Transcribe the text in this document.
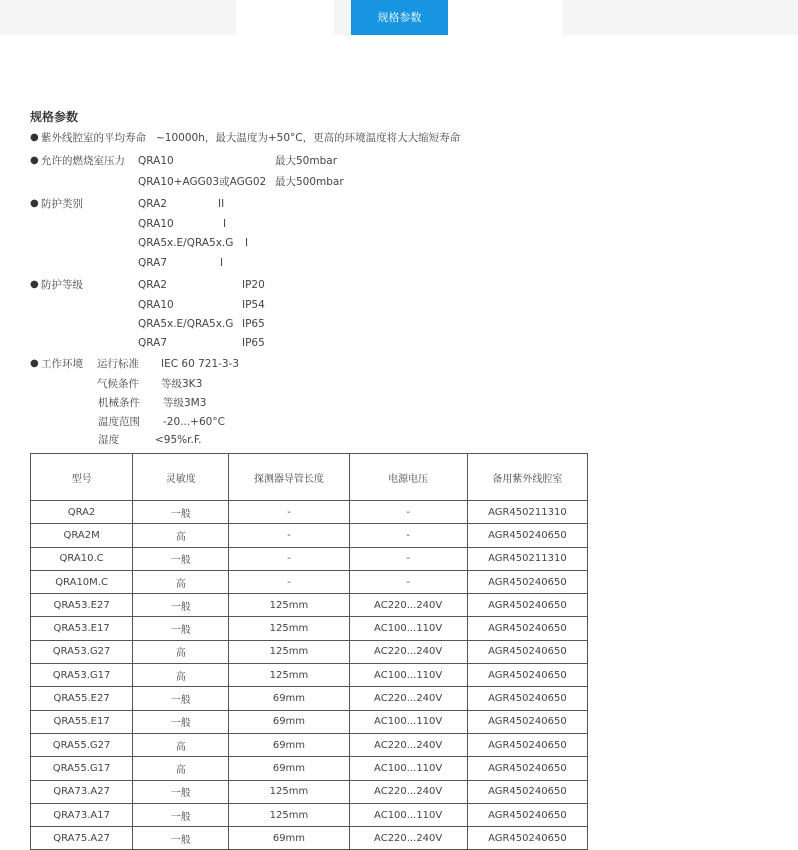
规格参数
规格参数
● 紫外线腔室的平均寿命 ~10000h，最大温度为+50°C，更高的环境温度将大大缩短寿命
● 允许的燃烧室压力 QRA10	最大50mbar
QRA10+AGG03或AGG02 最大500mbar
● 防护类别	QRA2	II
QRA10	I
QRA5x.E/QRA5x.G I
QRA7	I
● 防护等级	QRA2	IP20
QRA10	IP54
QRA5x.E/QRA5x.G IP65
QRA7	IP65
● 工作环境 运行标准 IEC 60 721-3-3
气候条件 等级3K3
机械条件 等级3M3
温度范围 -20...+60°C
湿度	<95%r.F.
型号	灵敏度	探测器导管长度	电源电压	备用紫外线腔室
QRA2	一般	-	-	AGR450211310
QRA2M	高	-	-	AGR450240650
QRA10.C	一般	-	-	AGR450211310
QRA10M.C	高	-	-	AGR450240650
QRA53.E27	一般	125mm	AC220...240V	AGR450240650
QRA53.E17	一般	125mm	AC100...110V	AGR450240650
QRA53.G27	高	125mm	AC220...240V	AGR450240650
QRA53.G17	高	125mm	AC100...110V	AGR450240650
QRA55.E27	一般	69mm	AC220...240V	AGR450240650
QRA55.E17	一般	69mm	AC100...110V	AGR450240650
QRA55.G27	高	69mm	AC220...240V	AGR450240650
QRA55.G17	高	69mm	AC100...110V	AGR450240650
QRA73.A27	一般	125mm	AC220...240V	AGR450240650
QRA73.A17	一般	125mm	AC100...110V	AGR450240650
QRA75.A27	一般	69mm	AC220...240V	AGR450240650
